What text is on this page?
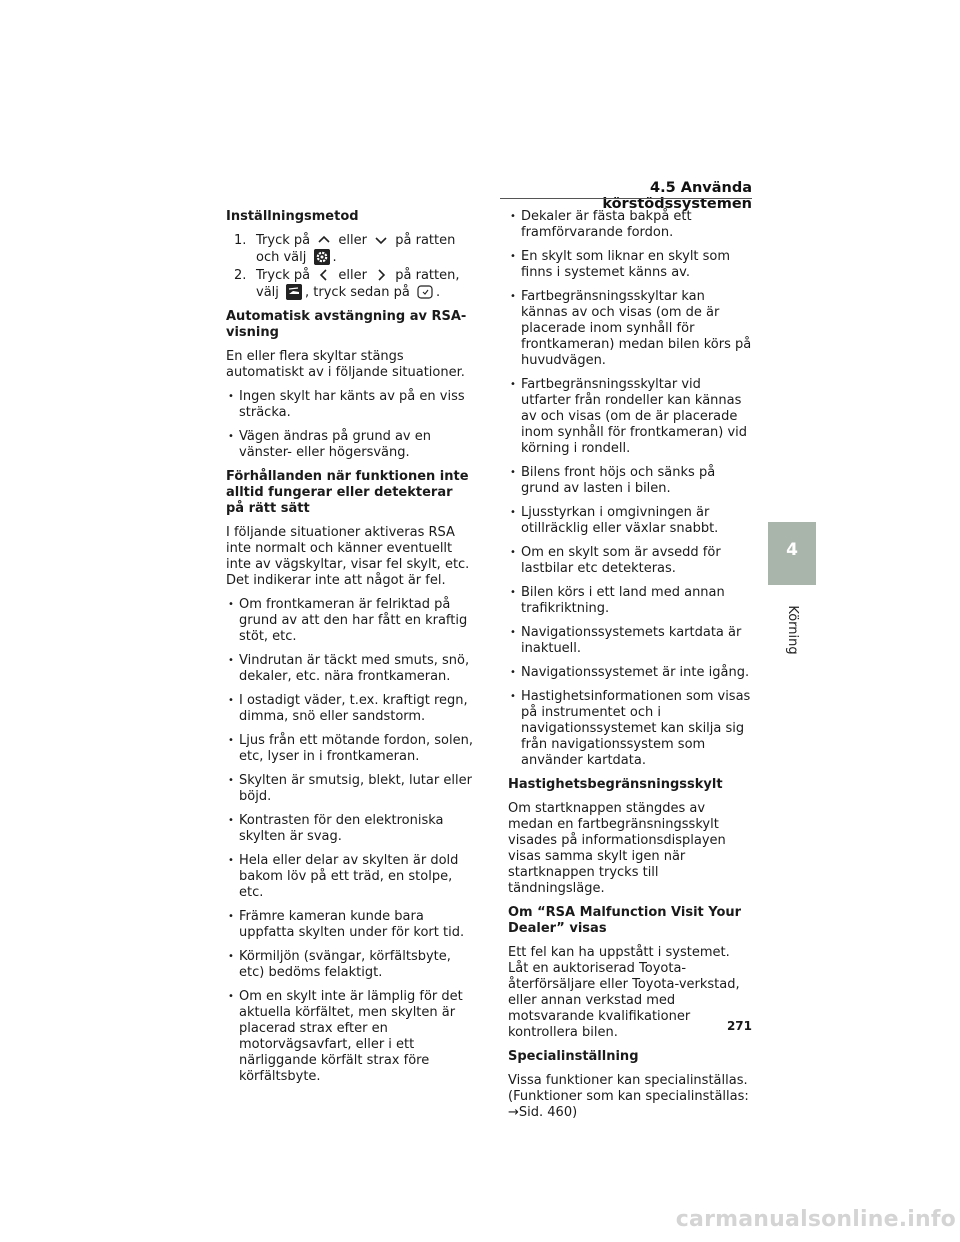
4.5 Använda körstödssystemen
Inställningsmetod
1. Tryck på eller på ratten och välj .
2. Tryck på eller på ratten, välj , tryck sedan på .
Automatisk avstängning av RSA-visning

En eller flera skyltar stängs automatiskt av i följande situationer.

• Ingen skylt har känts av på en viss sträcka.
• Vägen ändras på grund av en vänster- eller högersväng.
Förhållanden när funktionen inte alltid fungerar eller detekterar på rätt sätt

I följande situationer aktiveras RSA inte normalt och känner eventuellt inte av vägskyltar, visar fel skylt, etc. Det indikerar inte att något är fel.

• Om frontkameran är felriktad på grund av att den har fått en kraftig stöt, etc.
• Vindrutan är täckt med smuts, snö, dekaler, etc. nära frontkameran.
• I ostadigt väder, t.ex. kraftigt regn, dimma, snö eller sandstorm.
• Ljus från ett mötande fordon, solen, etc, lyser in i frontkameran.
• Skylten är smutsig, blekt, lutar eller böjd.
• Kontrasten för den elektroniska skylten är svag.
• Hela eller delar av skylten är dold bakom löv på ett träd, en stolpe, etc.
• Främre kameran kunde bara uppfatta skylten under för kort tid.
• Körmiljön (svängar, körfältsbyte, etc) bedöms felaktigt.
• Om en skylt inte är lämplig för det aktuella körfältet, men skylten är placerad strax efter en motorvägsavfart, eller i ett närliggande körfält strax före körfältsbyte.
• Dekaler är fästa bakpå ett framförvarande fordon.
• En skylt som liknar en skylt som finns i systemet känns av.
• Fartbegränsningsskyltar kan kännas av och visas (om de är placerade inom synhåll för frontkameran) medan bilen körs på huvudvägen.
• Fartbegränsningsskyltar vid utfarter från rondeller kan kännas av och visas (om de är placerade inom synhåll för frontkameran) vid körning i rondell.
• Bilens front höjs och sänks på grund av lasten i bilen.
• Ljusstyrkan i omgivningen är otillräcklig eller växlar snabbt.
• Om en skylt som är avsedd för lastbilar etc detekteras.
• Bilen körs i ett land med annan trafikriktning.
• Navigationssystemets kartdata är inaktuell.
• Navigationssystemet är inte igång.
• Hastighetsinformationen som visas på instrumentet och i navigationssystemet kan skilja sig från navigationssystem som använder kartdata.
Hastighetsbegränsningsskylt

Om startknappen stängdes av medan en fartbegränsningsskylt visades på informationsdisplayen visas samma skylt igen när startknappen trycks till tändningsläge.

Om “RSA Malfunction Visit Your Dealer” visas

Ett fel kan ha uppstått i systemet. Låt en auktoriserad Toyota-återförsäljare eller Toyota-verkstad, eller annan verkstad med motsvarande kvalifikationer kontrollera bilen.

Specialinställning

Vissa funktioner kan specialinställas. (Funktioner som kan specialinställas:
→Sid. 460)

4
Körning
271
carmanualsonline.info
